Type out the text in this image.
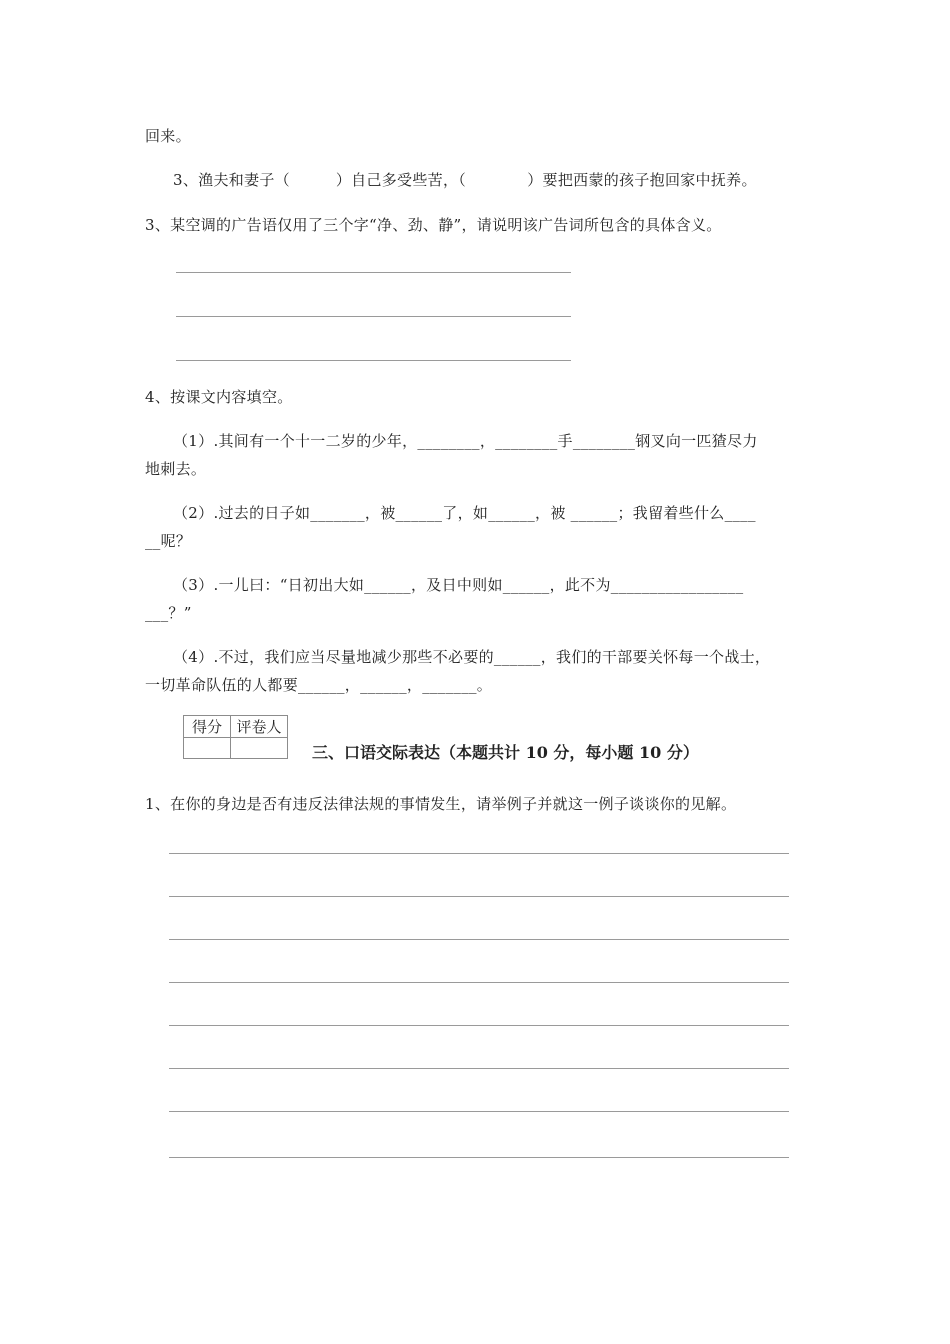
回来。
3、渔夫和妻子（　　　）自己多受些苦，（　　　　）要把西蒙的孩子抱回家中抚养。
3、某空调的广告语仅用了三个字“净、劲、静”，请说明该广告词所包含的具体含义。
4、按课文内容填空。
（1）.其间有一个十一二岁的少年，________，________手________钢叉向一匹猹尽力
地刺去。
（2）.过去的日子如_______，被______了，如______，被 ______；我留着些什么____
__呢？
（3）.一儿曰：“日初出大如______，及日中则如______，此不为_________________
___？”
（4）.不过，我们应当尽量地减少那些不必要的______，我们的干部要关怀每一个战士，
一切革命队伍的人都要______，______，_______。
得分	评卷人

三、口语交际表达（本题共计 10 分，每小题 10 分）
1、在你的身边是否有违反法律法规的事情发生，请举例子并就这一例子谈谈你的见解。
